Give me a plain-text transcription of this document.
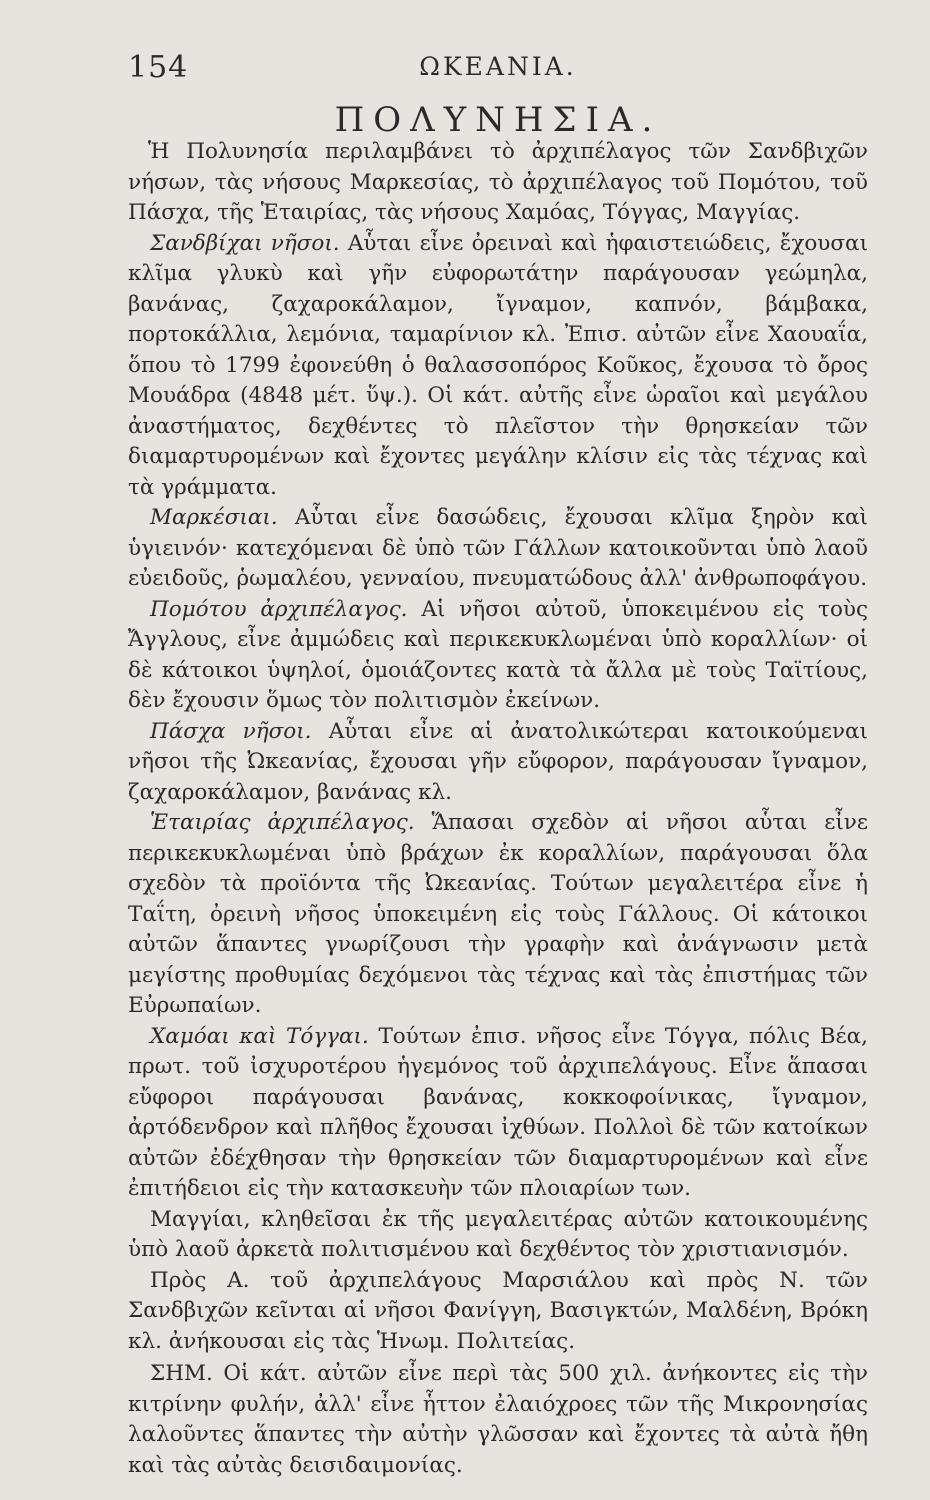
154	ΩΚΕΑΝΙΑ.
ΠΟΛΥΝΗΣΙΑ.

Ἡ Πολυνησία περιλαμβάνει τὸ ἀρχιπέλαγος τῶν Σανδβιχῶν νήσων, τὰς νήσους Μαρκεσίας, τὸ ἀρχιπέλαγος τοῦ Πομότου, τοῦ Πάσχα, τῆς Ἑταιρίας, τὰς νήσους Χαμόας, Τόγγας, Μαγγίας.

Σανδβίχαι νῆσοι. Αὗται εἶνε ὀρειναὶ καὶ ἡφαιστειώδεις, ἔχουσαι κλῖμα γλυκὺ καὶ γῆν εὐφορωτάτην παράγουσαν γεώμηλα, βανάνας, ζαχαροκάλαμον, ἴγναμον, καπνόν, βάμβακα, πορτοκάλλια, λεμόνια, ταμαρίνιον κλ. Ἐπισ. αὐτῶν εἶνε Χαουαΐα, ὅπου τὸ 1799 ἐφονεύθη ὁ θαλασσοπόρος Κοῦκος, ἔχουσα τὸ ὄρος Μουάδρα (4848 μέτ. ὕψ.). Οἱ κάτ. αὐτῆς εἶνε ὡραῖοι καὶ μεγάλου ἀναστήματος, δεχθέντες τὸ πλεῖστον τὴν θρησκείαν τῶν διαμαρτυρομένων καὶ ἔχοντες μεγάλην κλίσιν εἰς τὰς τέχνας καὶ τὰ γράμματα.

Μαρκέσιαι. Αὗται εἶνε δασώδεις, ἔχουσαι κλῖμα ξηρὸν καὶ ὑγιεινόν· κατεχόμεναι δὲ ὑπὸ τῶν Γάλλων κατοικοῦνται ὑπὸ λαοῦ εὐειδοῦς, ῥωμαλέου, γενναίου, πνευματώδους ἀλλ' ἀνθρωποφάγου.

Πομότου ἀρχιπέλαγος. Αἱ νῆσοι αὐτοῦ, ὑποκειμένου εἰς τοὺς Ἄγγλους, εἶνε ἀμμώδεις καὶ περικεκυκλωμέναι ὑπὸ κοραλλίων· οἱ δὲ κάτοικοι ὑψηλοί, ὁμοιάζοντες κατὰ τὰ ἄλλα μὲ τοὺς Ταϊτίους, δὲν ἔχουσιν ὅμως τὸν πολιτισμὸν ἐκείνων.

Πάσχα νῆσοι. Αὗται εἶνε αἱ ἀνατολικώτεραι κατοικούμεναι νῆσοι τῆς Ὠκεανίας, ἔχουσαι γῆν εὔφορον, παράγουσαν ἴγναμον, ζαχαροκάλαμον, βανάνας κλ.

Ἑταιρίας ἀρχιπέλαγος. Ἅπασαι σχεδὸν αἱ νῆσοι αὗται εἶνε περικεκυκλωμέναι ὑπὸ βράχων ἐκ κοραλλίων, παράγουσαι ὅλα σχεδὸν τὰ προϊόντα τῆς Ὠκεανίας. Τούτων μεγαλειτέρα εἶνε ἡ Ταΐτη, ὀρεινὴ νῆσος ὑποκειμένη εἰς τοὺς Γάλλους. Οἱ κάτοικοι αὐτῶν ἅπαντες γνωρίζουσι τὴν γραφὴν καὶ ἀνάγνωσιν μετὰ μεγίστης προθυμίας δεχόμενοι τὰς τέχνας καὶ τὰς ἐπιστήμας τῶν Εὐρωπαίων.

Χαμόαι καὶ Τόγγαι. Τούτων ἐπισ. νῆσος εἶνε Τόγγα, πόλις Βέα, πρωτ. τοῦ ἰσχυροτέρου ἡγεμόνος τοῦ ἀρχιπελάγους. Εἶνε ἅπασαι εὔφοροι παράγουσαι βανάνας, κοκκοφοίνικας, ἴγναμον, ἀρτόδενδρον καὶ πλῆθος ἔχουσαι ἰχθύων. Πολλοὶ δὲ τῶν κατοίκων αὐτῶν ἐδέχθησαν τὴν θρησκείαν τῶν διαμαρτυρομένων καὶ εἶνε ἐπιτήδειοι εἰς τὴν κατασκευὴν τῶν πλοιαρίων των.

Μαγγίαι, κληθεῖσαι ἐκ τῆς μεγαλειτέρας αὐτῶν κατοικουμένης ὑπὸ λαοῦ ἀρκετὰ πολιτισμένου καὶ δεχθέντος τὸν χριστιανισμόν.

Πρὸς Α. τοῦ ἀρχιπελάγους Μαρσιάλου καὶ πρὸς Ν. τῶν Σανδβιχῶν κεῖνται αἱ νῆσοι Φανίγγη, Βασιγκτών, Μαλδένη, Βρόκη κλ. ἀνήκουσαι εἰς τὰς Ἡνωμ. Πολιτείας.

ΣΗΜ. Οἱ κάτ. αὐτῶν εἶνε περὶ τὰς 500 χιλ. ἀνήκοντες εἰς τὴν κιτρίνην φυλήν, ἀλλ' εἶνε ἧττον ἐλαιόχροες τῶν τῆς Μικρονησίας λαλοῦντες ἅπαντες τὴν αὐτὴν γλῶσσαν καὶ ἔχοντες τὰ αὐτὰ ἤθη καὶ τὰς αὐτὰς δεισιδαιμονίας.
